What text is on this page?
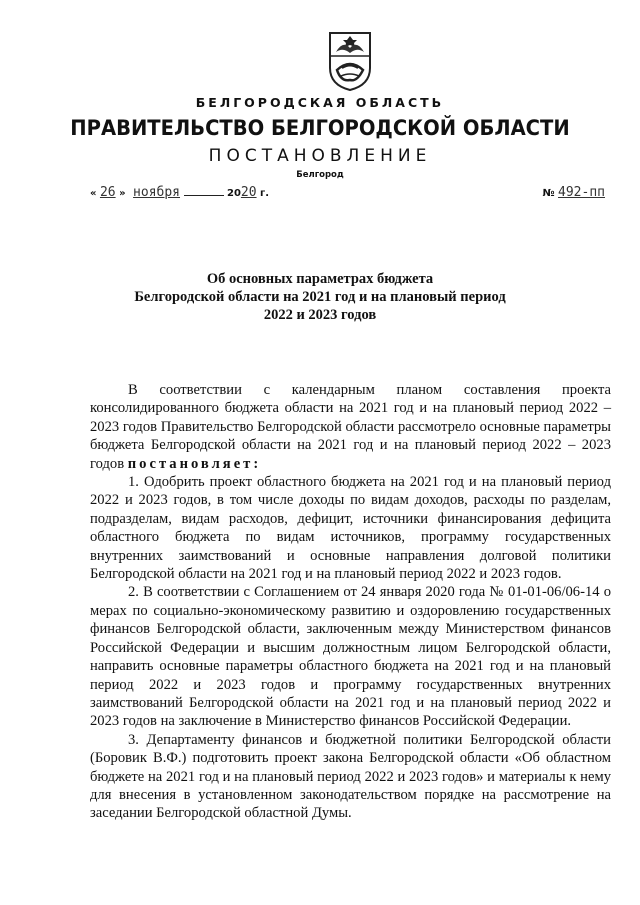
БЕЛГОРОДСКАЯ ОБЛАСТЬ
ПРАВИТЕЛЬСТВО БЕЛГОРОДСКОЙ ОБЛАСТИ
ПОСТАНОВЛЕНИЕ
Белгород
« 26 » ноября	2020 г.	№ 492-пп
Об основных параметрах бюджета
Белгородской области на 2021 год и на плановый период
2022 и 2023 годов

В соответствии с календарным планом составления проекта консолидированного бюджета области на 2021 год и на плановый период 2022 – 2023 годов Правительство Белгородской области рассмотрело основные параметры бюджета Белгородской области на 2021 год и на плановый период 2022 – 2023 годов постановляет:

1. Одобрить проект областного бюджета на 2021 год и на плановый период 2022 и 2023 годов, в том числе доходы по видам доходов, расходы по разделам, подразделам, видам расходов, дефицит, источники финансирования дефицита областного бюджета по видам источников, программу государственных внутренних заимствований и основные направления долговой политики Белгородской области на 2021 год и на плановый период 2022 и 2023 годов.

2. В соответствии с Соглашением от 24 января 2020 года № 01-01-06/06-14 о мерах по социально-экономическому развитию и оздоровлению государственных финансов Белгородской области, заключенным между Министерством финансов Российской Федерации и высшим должностным лицом Белгородской области, направить основные параметры областного бюджета на 2021 год и на плановый период 2022 и 2023 годов и программу государственных внутренних заимствований Белгородской области на 2021 год и на плановый период 2022 и 2023 годов на заключение в Министерство финансов Российской Федерации.

3. Департаменту финансов и бюджетной политики Белгородской области (Боровик В.Ф.) подготовить проект закона Белгородской области «Об областном бюджете на 2021 год и на плановый период 2022 и 2023 годов» и материалы к нему для внесения в установленном законодательством порядке на рассмотрение на заседании Белгородской областной Думы.
